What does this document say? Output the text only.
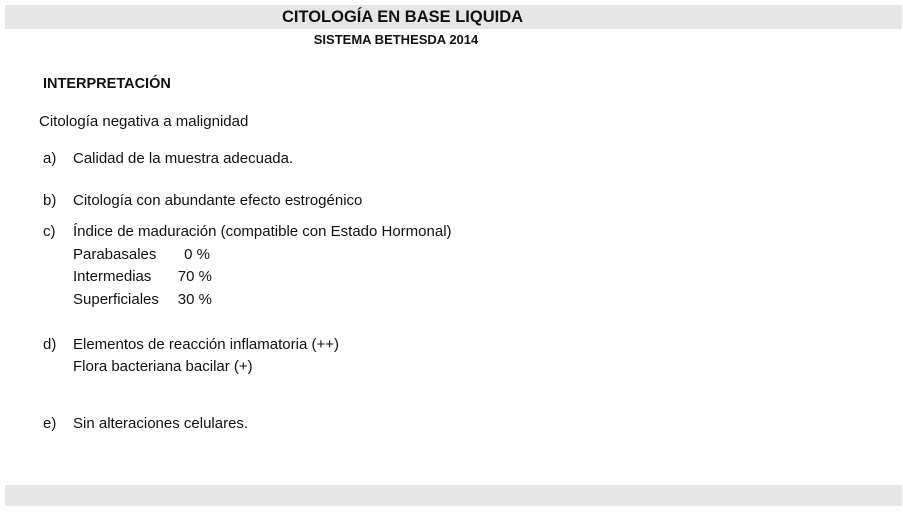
CITOLOGÍA EN BASE LIQUIDA
SISTEMA BETHESDA 2014
INTERPRETACIÓN
Citología negativa a malignidad
a) Calidad de la muestra adecuada.
b) Citología con abundante efecto estrogénico
c) Índice de maduración (compatible con Estado Hormonal)
Parabasales	0 %
Intermedias	70 %
Superficiales	30 %
d) Elementos de reacción inflamatoria (++)
Flora bacteriana bacilar (+)
e) Sin alteraciones celulares.
